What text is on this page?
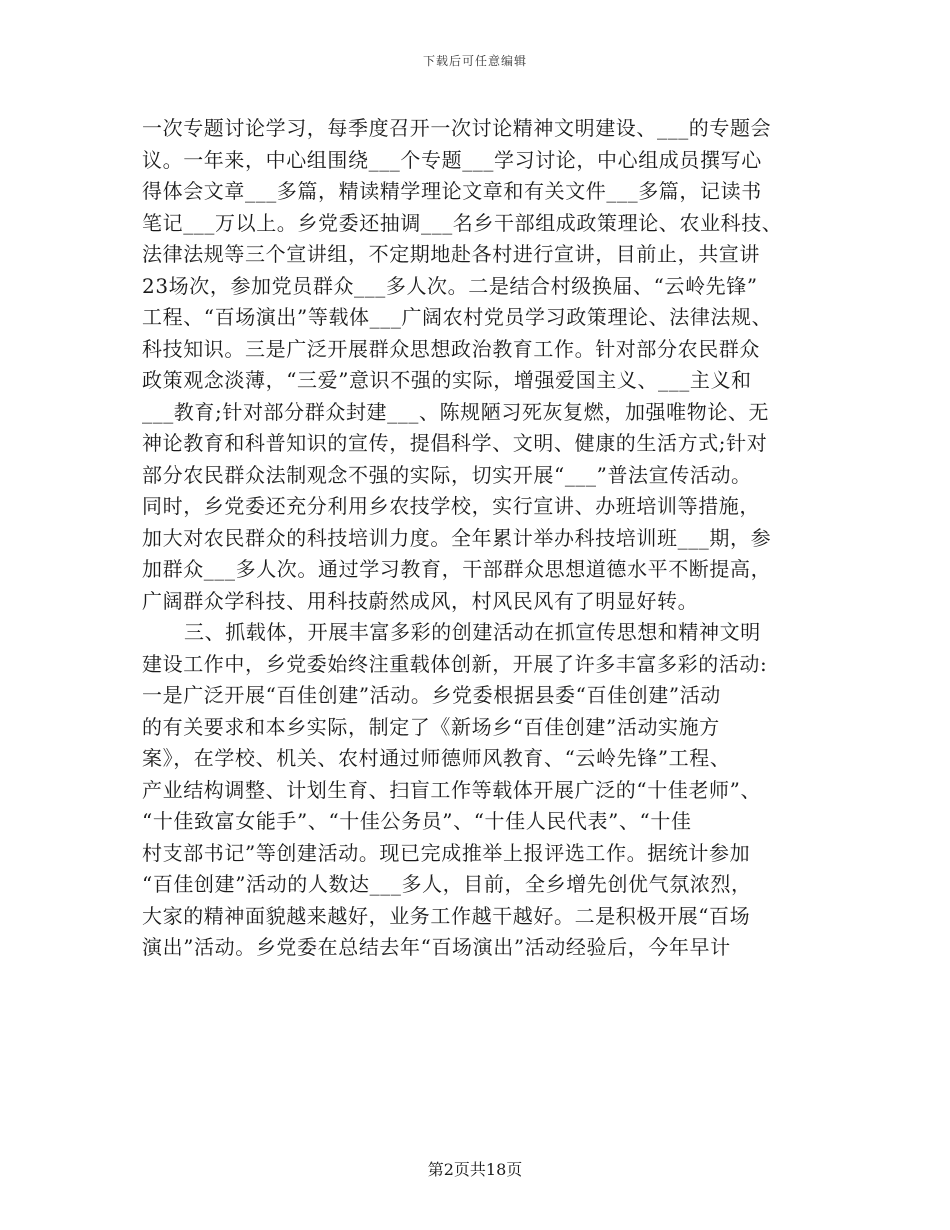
下载后可任意编辑
一次专题讨论学习，每季度召开一次讨论精神文明建设、___的专题会
议。一年来，中心组围绕___个专题___学习讨论，中心组成员撰写心
得体会文章___多篇，精读精学理论文章和有关文件___多篇，记读书
笔记___万以上。乡党委还抽调___名乡干部组成政策理论、农业科技、
法律法规等三个宣讲组，不定期地赴各村进行宣讲，目前止，共宣讲
23场次，参加党员群众___多人次。二是结合村级换届、“云岭先锋”
工程、“百场演出”等载体___广阔农村党员学习政策理论、法律法规、
科技知识。三是广泛开展群众思想政治教育工作。针对部分农民群众
政策观念淡薄，“三爱”意识不强的实际，增强爱国主义、___主义和
___教育;针对部分群众封建___、陈规陋习死灰复燃，加强唯物论、无
神论教育和科普知识的宣传，提倡科学、文明、健康的生活方式;针对
部分农民群众法制观念不强的实际，切实开展“___”普法宣传活动。
同时，乡党委还充分利用乡农技学校，实行宣讲、办班培训等措施，
加大对农民群众的科技培训力度。全年累计举办科技培训班___期，参
加群众___多人次。通过学习教育，干部群众思想道德水平不断提高，
广阔群众学科技、用科技蔚然成风，村风民风有了明显好转。
三、抓载体，开展丰富多彩的创建活动在抓宣传思想和精神文明
建设工作中，乡党委始终注重载体创新，开展了许多丰富多彩的活动:
一是广泛开展“百佳创建”活动。乡党委根据县委“百佳创建”活动
的有关要求和本乡实际，制定了《新场乡“百佳创建”活动实施方
案》，在学校、机关、农村通过师德师风教育、“云岭先锋”工程、
产业结构调整、计划生育、扫盲工作等载体开展广泛的“十佳老师”、
“十佳致富女能手”、“十佳公务员”、“十佳人民代表”、“十佳
村支部书记”等创建活动。现已完成推举上报评选工作。据统计参加
“百佳创建”活动的人数达___多人，目前，全乡增先创优气氛浓烈，
大家的精神面貌越来越好，业务工作越干越好。二是积极开展“百场
演出”活动。乡党委在总结去年“百场演出”活动经验后，今年早计
第2页共18页
